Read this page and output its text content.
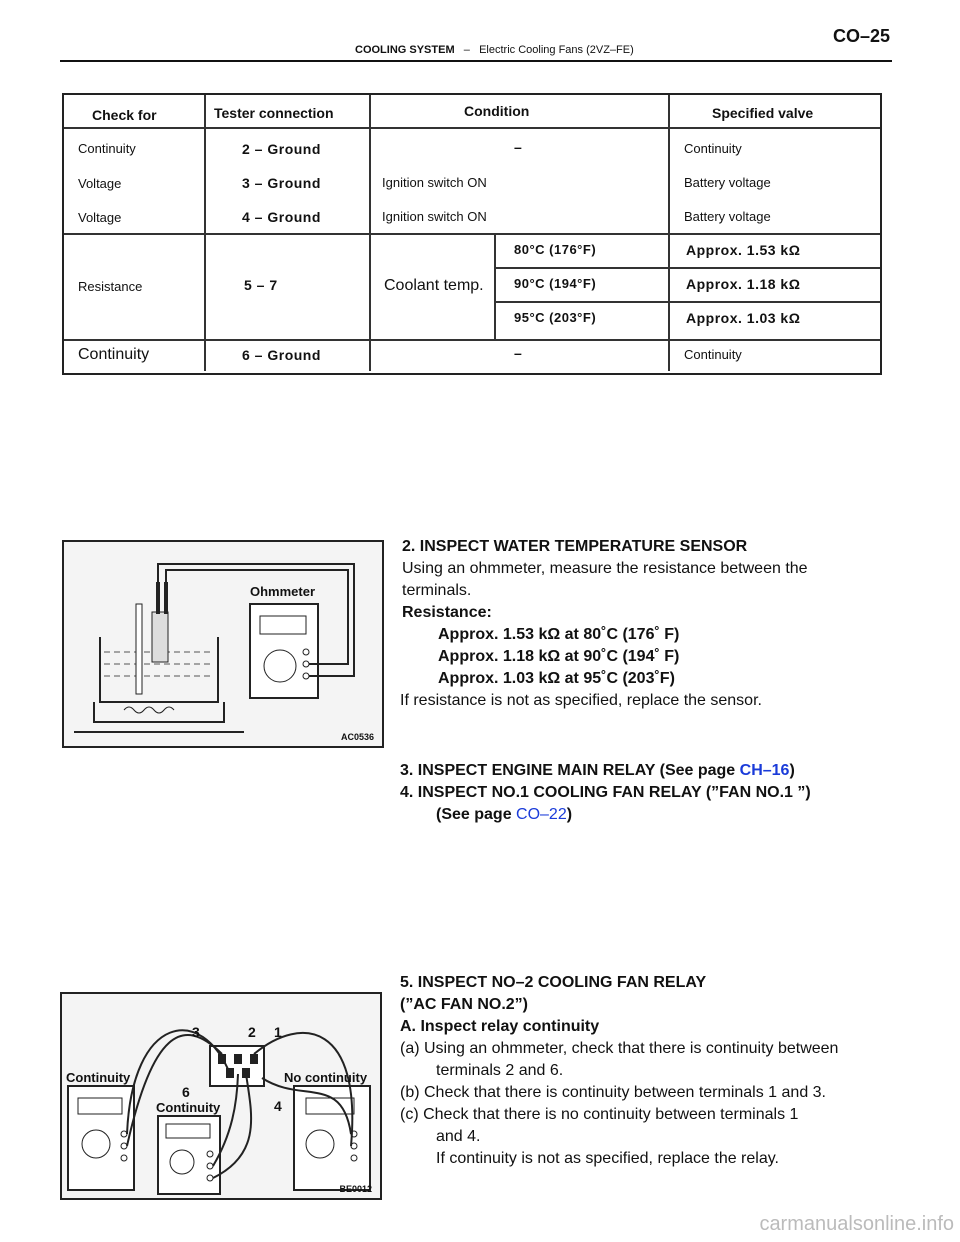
COOLING SYSTEM – Electric Cooling Fans (2VZ–FE)
CO–25
Check for	Tester connection	Condition	Specified valve
Continuity	2 – Ground	–	Continuity
Voltage	3 – Ground	Ignition switch ON	Battery voltage
Voltage	4 – Ground	Ignition switch ON	Battery voltage
Resistance	5 – 7	Coolant temp.
80°C (176°F)	Approx. 1.53 kΩ
90°C (194°F)	Approx. 1.18 kΩ
95°C (203°F)	Approx. 1.03 kΩ
Continuity	6 – Ground	–	Continuity
Ohmmeter
AC0536
2. INSPECT WATER TEMPERATURE SENSOR
Using an ohmmeter, measure the resistance between the
terminals.
Resistance:
Approx. 1.53 kΩ at 80˚C (176˚ F)
Approx. 1.18 kΩ at 90˚C (194˚ F)
Approx. 1.03 kΩ at 95˚C (203˚F)
If resistance is not as specified, replace the sensor.
3. INSPECT ENGINE MAIN RELAY (See page CH–16)
4. INSPECT NO.1 COOLING FAN RELAY (”FAN NO.1 ”)
(See page CO–22)
Continuity
Continuity
No continuity
3	2 1
6
4
BE0012
5. INSPECT NO–2 COOLING FAN RELAY
(”AC FAN NO.2”)
A. Inspect relay continuity
(a) Using an ohmmeter, check that there is continuity between
terminals 2 and 6.
(b) Check that there is continuity between terminals 1 and 3.
(c) Check that there is no continuity between terminals 1
and 4.
If continuity is not as specified, replace the relay.
carmanualsonline.info
